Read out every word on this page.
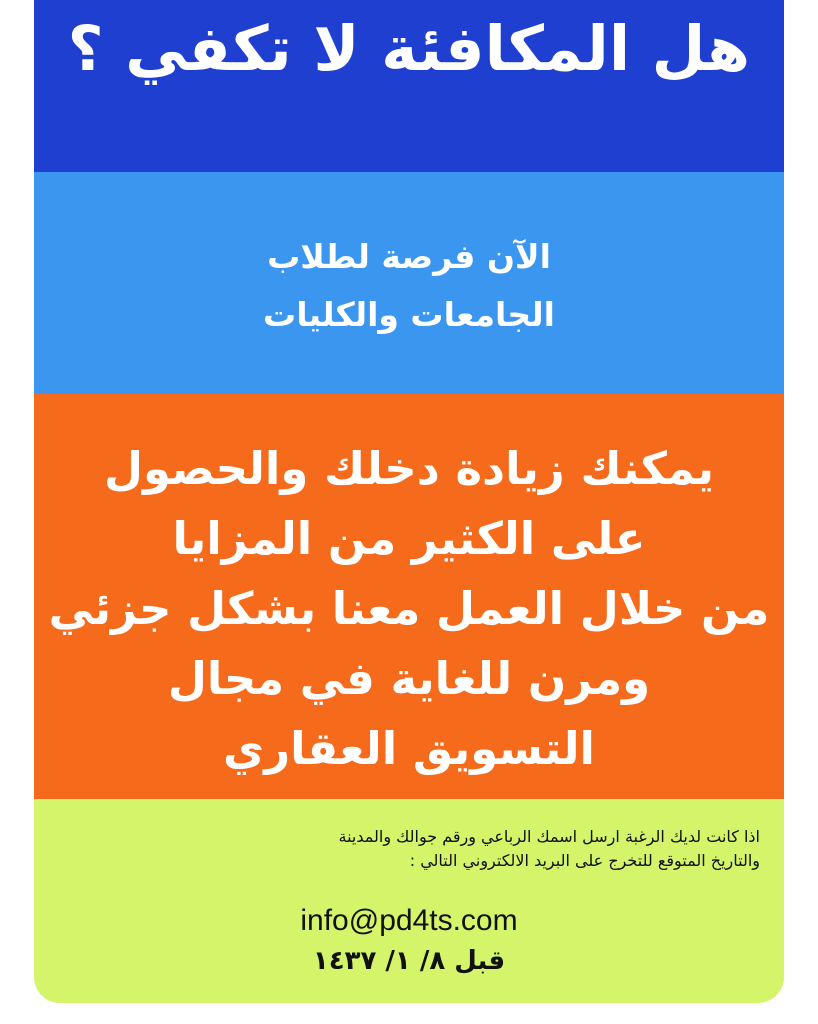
هل المكافئة لا تكفي ؟
الآن فرصة لطلاب
الجامعات والكليات
يمكنك زيادة دخلك والحصول
على الكثير من المزايا
من خلال العمل معنا بشكل جزئي
ومرن للغاية في مجال
التسويق العقاري
اذا كانت لديك الرغبة ارسل اسمك الرباعي ورقم جوالك والمدينة
والتاريخ المتوقع للتخرج على البريد الالكتروني التالي :
info@pd4ts.com
قبل ٨/ ١/ ١٤٣٧
